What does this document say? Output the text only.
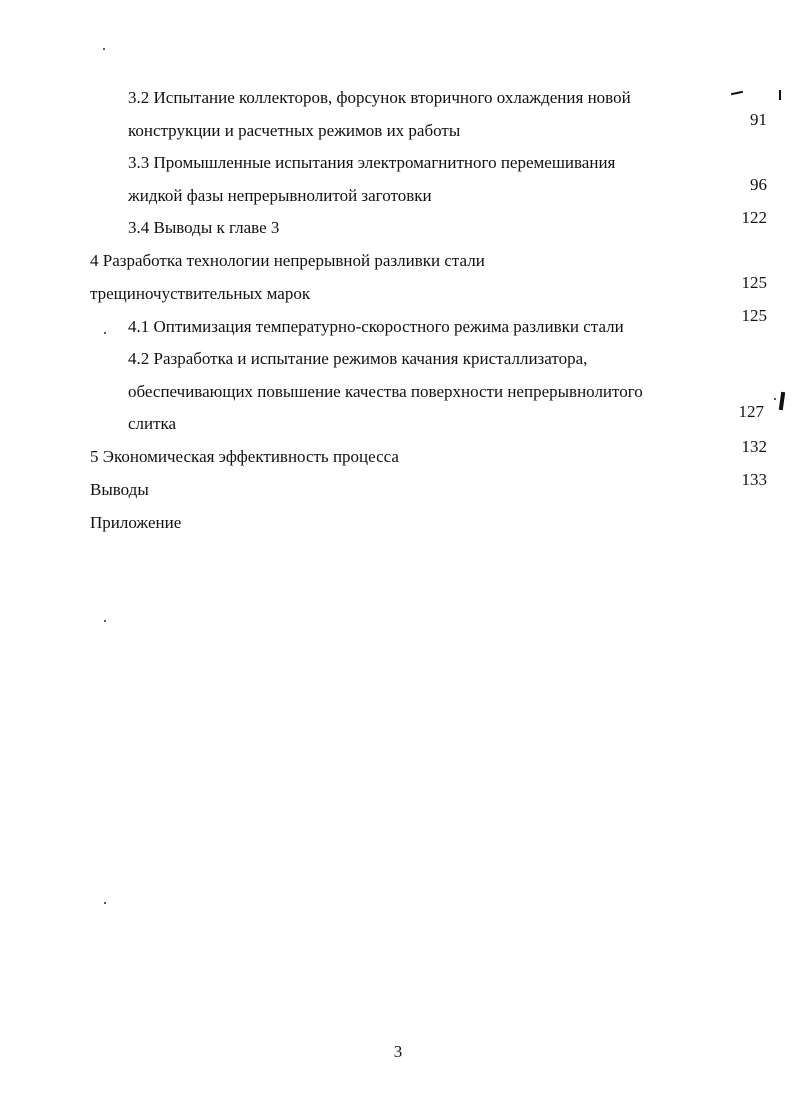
3.2 Испытание коллекторов, форсунок вторичного охлаждения новой
конструкции и расчетных режимов их работы
91
3.3 Промышленные испытания электромагнитного перемешивания
жидкой фазы непрерывнолитой заготовки
96
3.4 Выводы к главе 3
122
4 Разработка технологии непрерывной разливки стали
трещиночуствительных марок
125
4.1 Оптимизация температурно-скоростного режима разливки стали
125
4.2 Разработка и испытание режимов качания кристаллизатора,
обеспечивающих повышение качества поверхности непрерывнолитого
слитка
127
5 Экономическая эффективность процесса
132
Выводы
133
Приложение
3
